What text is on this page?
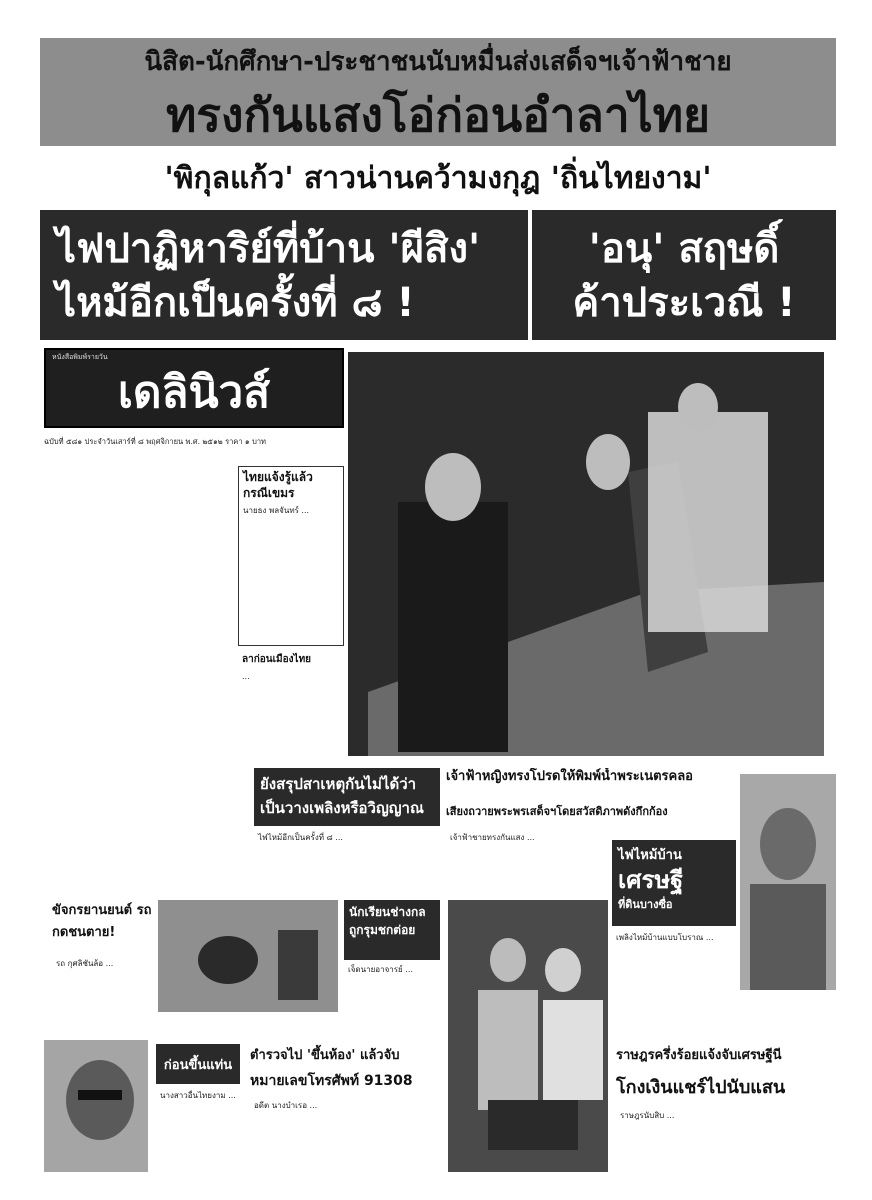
นิสิต-นักศึกษา-ประชาชนนับหมื่นส่งเสด็จฯเจ้าฟ้าชาย
ทรงกันแสงโอ่ก่อนอำลาไทย
'พิกุลแก้ว' สาวน่านคว้ามงกุฎ 'ถิ่นไทยงาม'
ไฟปาฏิหาริย์ที่บ้าน 'ผีสิง'
ไหม้อีกเป็นครั้งที่ ๘ !
'อนุ' สฤษดิ์
ค้าประเวณี !
หนังสือพิมพ์รายวัน
เดลินิวส์
ฉบับที่ ๕๘๑ ประจำวันเสาร์ที่ ๘ พฤศจิกายน พ.ศ. ๒๕๑๒ ราคา ๑ บาท
ไทยแจ้งรู้แล้ว กรณีเขมร
นายธง พลจันทร์ ...
ลาก่อนเมืองไทย
...
ยังสรุปสาเหตุกันไม่ได้ว่าเป็นวางเพลิงหรือวิญญาณ
ไฟไหม้อีกเป็นครั้งที่ ๘ ...
เจ้าฟ้าหญิงทรงโปรดให้พิมพ์น้ำพระเนตรคลอ
เสียงถวายพระพรเสด็จฯโดยสวัสดิภาพดังกึกก้อง
เจ้าฟ้าชายทรงกันแสง ...
ไฟไหม้บ้าน
เศรษฐี
ที่ดินบางซื่อ
เพลิงไหม้บ้านแบบโบราณ ...
ขัจกรยานยนต์ รถกดชนตาย!
รถ กุศลิชันล้อ ...
นักเรียนช่างกล ถูกรุมชกต่อย
เจ็ดนายอาจารย์ ...
ก่อนขึ้นแท่น
นางสาวอื่นไทยงาม ...
ตำรวจไป 'ขึ้นห้อง' แล้วจับ
หมายเลขโทรศัพท์ 91308
อดีต นางบำเรอ ...
ราษฎรครึ่งร้อยแจ้งจับเศรษฐีนี
โกงเงินแชร์ไปนับแสน
ราษฎรนับสิบ ...
